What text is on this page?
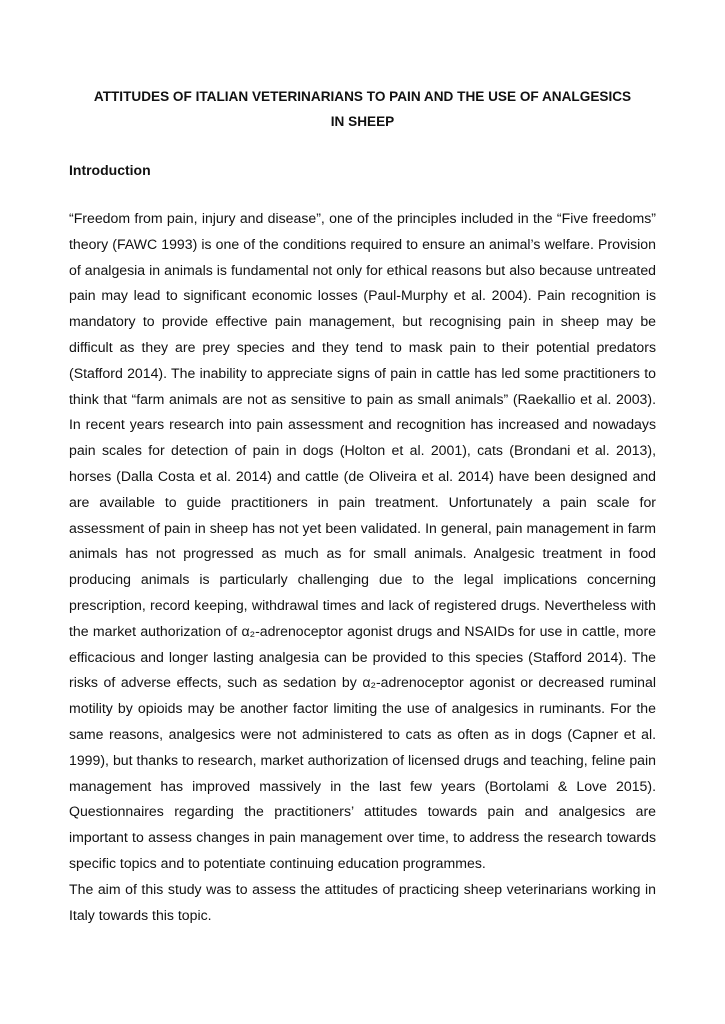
ATTITUDES OF ITALIAN VETERINARIANS TO PAIN AND THE USE OF ANALGESICS
IN SHEEP
Introduction

“Freedom from pain, injury and disease”, one of the principles included in the “Five freedoms” theory (FAWC 1993) is one of the conditions required to ensure an animal’s welfare. Provision of analgesia in animals is fundamental not only for ethical reasons but also because untreated pain may lead to significant economic losses (Paul-Murphy et al. 2004). Pain recognition is mandatory to provide effective pain management, but recognising pain in sheep may be difficult as they are prey species and they tend to mask pain to their potential predators (Stafford 2014). The inability to appreciate signs of pain in cattle has led some practitioners to think that “farm animals are not as sensitive to pain as small animals” (Raekallio et al. 2003). In recent years research into pain assessment and recognition has increased and nowadays pain scales for detection of pain in dogs (Holton et al. 2001), cats (Brondani et al. 2013), horses (Dalla Costa et al. 2014) and cattle (de Oliveira et al. 2014) have been designed and are available to guide practitioners in pain treatment. Unfortunately a pain scale for assessment of pain in sheep has not yet been validated. In general, pain management in farm animals has not progressed as much as for small animals. Analgesic treatment in food producing animals is particularly challenging due to the legal implications concerning prescription, record keeping, withdrawal times and lack of registered drugs. Nevertheless with the market authorization of α₂-adrenoceptor agonist drugs and NSAIDs for use in cattle, more efficacious and longer lasting analgesia can be provided to this species (Stafford 2014). The risks of adverse effects, such as sedation by α₂-adrenoceptor agonist or decreased ruminal motility by opioids may be another factor limiting the use of analgesics in ruminants. For the same reasons, analgesics were not administered to cats as often as in dogs (Capner et al. 1999), but thanks to research, market authorization of licensed drugs and teaching, feline pain management has improved massively in the last few years (Bortolami & Love 2015). Questionnaires regarding the practitioners’ attitudes towards pain and analgesics are important to assess changes in pain management over time, to address the research towards specific topics and to potentiate continuing education programmes.

The aim of this study was to assess the attitudes of practicing sheep veterinarians working in Italy towards this topic.
